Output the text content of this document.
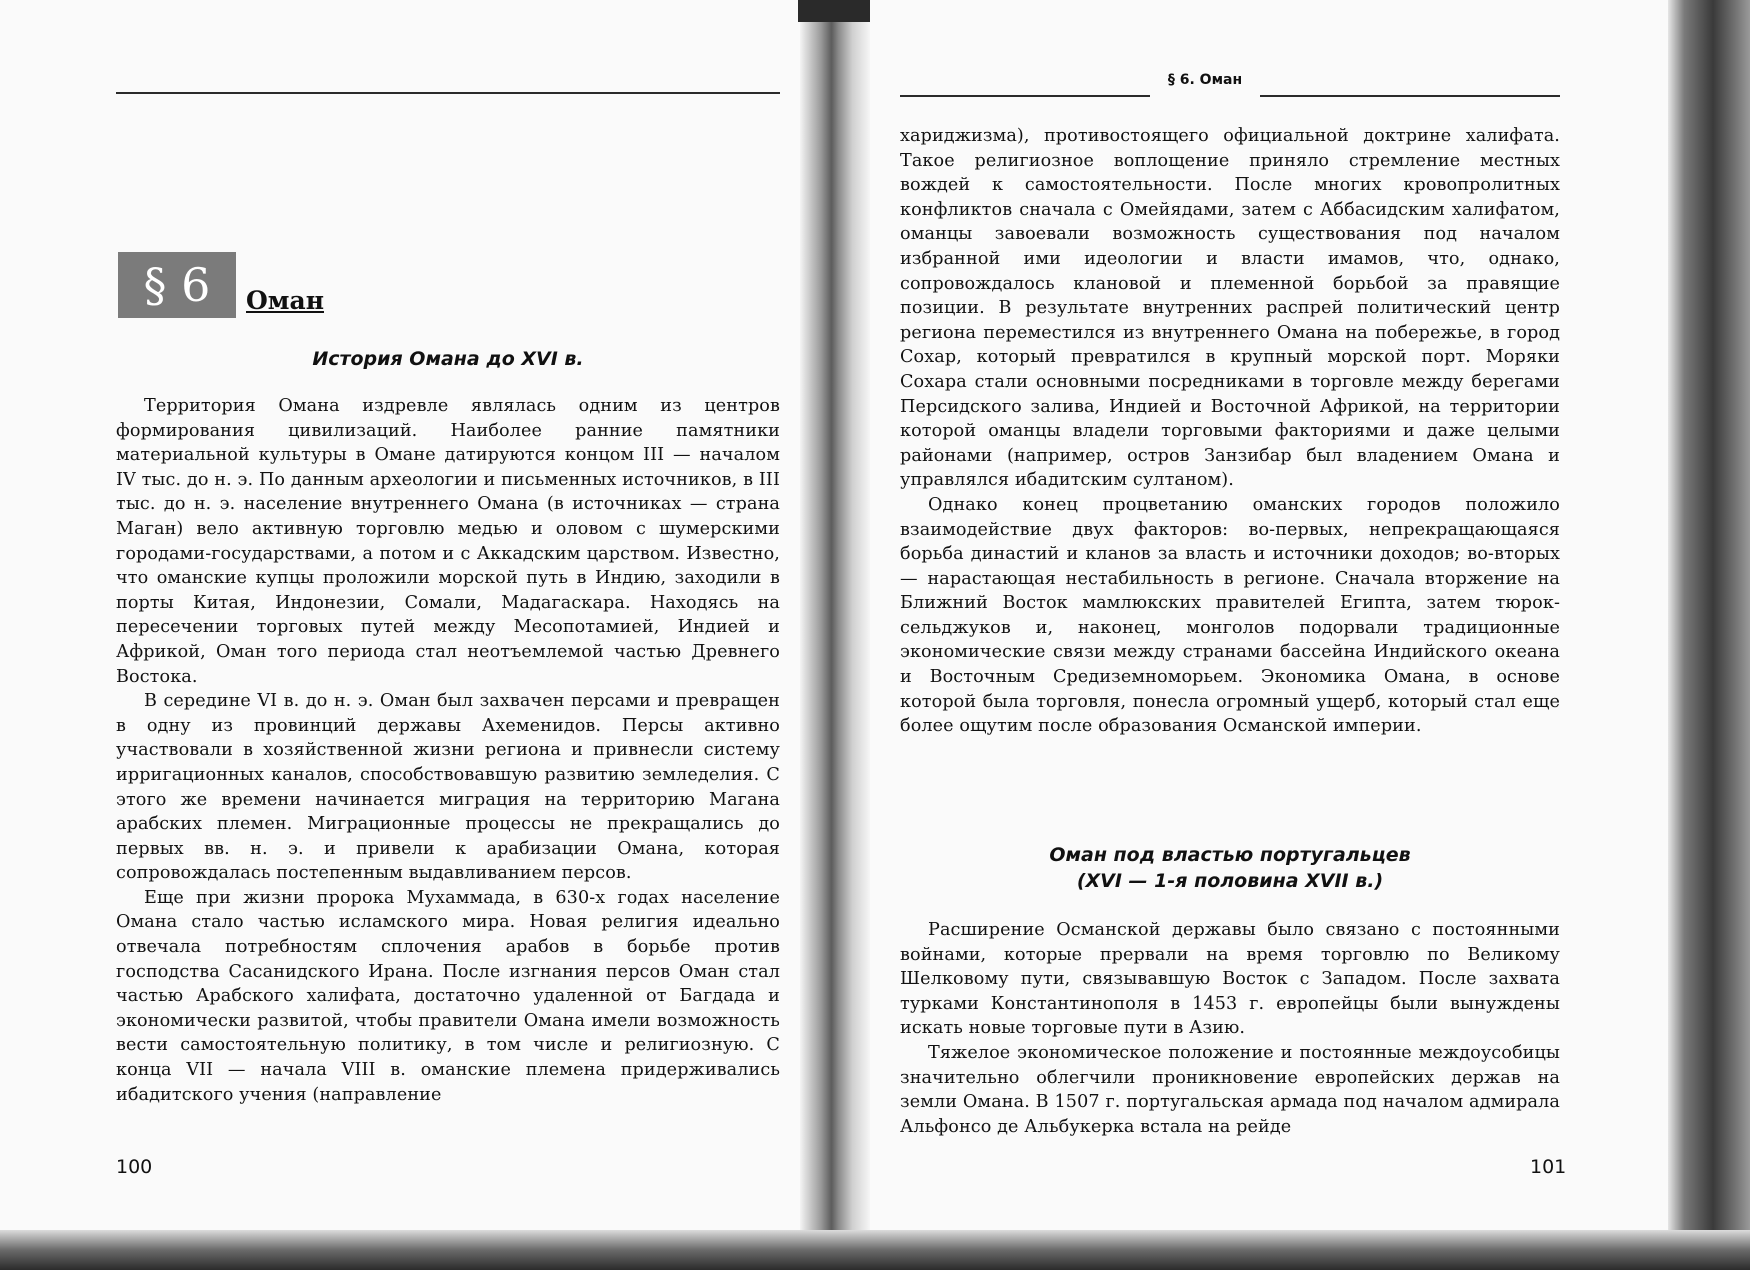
§ 6	Оман
История Омана до XVI в.

Территория Омана издревле являлась одним из центров формирования цивилизаций. Наиболее ранние памятники материальной культуры в Омане датируются концом III — началом IV тыс. до н. э. По данным археологии и письменных источников, в III тыс. до н. э. население внутреннего Омана (в источниках — страна Маган) вело активную торговлю медью и оловом с шумерскими городами-государствами, а потом и с Аккадским царством. Известно, что оманские купцы проложили морской путь в Индию, заходили в порты Китая, Индонезии, Сомали, Мадагаскара. Находясь на пересечении торговых путей между Месопотамией, Индией и Африкой, Оман того периода стал неотъемлемой частью Древнего Востока.

В середине VI в. до н. э. Оман был захвачен персами и превращен в одну из провинций державы Ахеменидов. Персы активно участвовали в хозяйственной жизни региона и привнесли систему ирригационных каналов, способствовавшую развитию земледелия. С этого же времени начинается миграция на территорию Магана арабских племен. Миграционные процессы не прекращались до первых вв. н. э. и привели к арабизации Омана, которая сопровождалась постепенным выдавливанием персов.

Еще при жизни пророка Мухаммада, в 630-х годах население Омана стало частью исламского мира. Новая религия идеально отвечала потребностям сплочения арабов в борьбе против господства Сасанидского Ирана. После изгнания персов Оман стал частью Арабского халифата, достаточно удаленной от Багдада и экономически развитой, чтобы правители Омана имели возможность вести самостоятельную политику, в том числе и религиозную. С конца VII — начала VIII в. оманские племена придерживались ибадитского учения (направление

100
§ 6. Оман

хариджизма), противостоящего официальной доктрине халифата. Такое религиозное воплощение приняло стремление местных вождей к самостоятельности. После многих кровопролитных конфликтов сначала с Омейядами, затем с Аббасидским халифатом, оманцы завоевали возможность существования под началом избранной ими идеологии и власти имамов, что, однако, сопровождалось клановой и племенной борьбой за правящие позиции. В результате внутренних распрей политический центр региона переместился из внутреннего Омана на побережье, в город Сохар, который превратился в крупный морской порт. Моряки Сохара стали основными посредниками в торговле между берегами Персидского залива, Индией и Восточной Африкой, на территории которой оманцы владели торговыми факториями и даже целыми районами (например, остров Занзибар был владением Омана и управлялся ибадитским султаном).

Однако конец процветанию оманских городов положило взаимодействие двух факторов: во-первых, непрекращающаяся борьба династий и кланов за власть и источники доходов; во-вторых — нарастающая нестабильность в регионе. Сначала вторжение на Ближний Восток мамлюкских правителей Египта, затем тюрок-сельджуков и, наконец, монголов подорвали традиционные экономические связи между странами бассейна Индийского океана и Восточным Средиземноморьем. Экономика Омана, в основе которой была торговля, понесла огромный ущерб, который стал еще более ощутим после образования Османской империи.

Оман под властью португальцев
(XVI — 1-я половина XVII в.)

Расширение Османской державы было связано с постоянными войнами, которые прервали на время торговлю по Великому Шелковому пути, связывавшую Восток с Западом. После захвата турками Константинополя в 1453 г. европейцы были вынуждены искать новые торговые пути в Азию.

Тяжелое экономическое положение и постоянные междоусобицы значительно облегчили проникновение европейских держав на земли Омана. В 1507 г. португальская армада под началом адмирала Альфонсо де Альбукерка встала на рейде

101
